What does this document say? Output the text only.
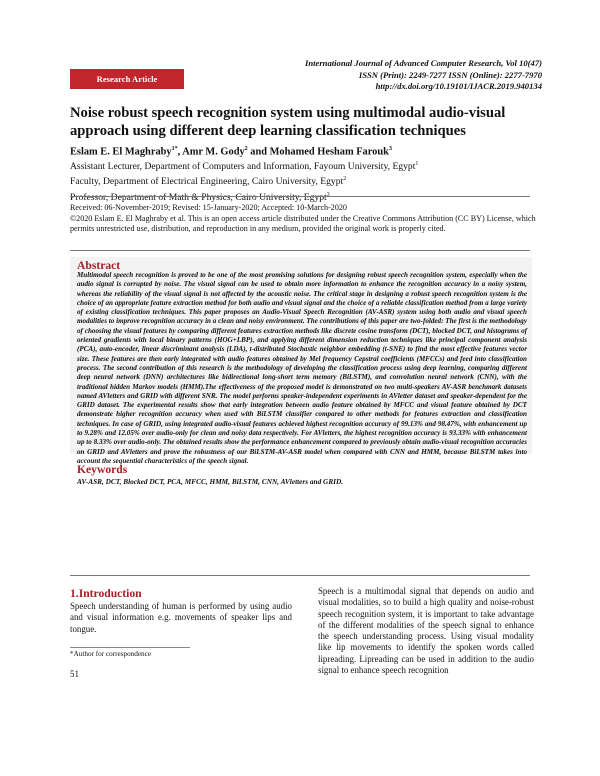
International Journal of Advanced Computer Research, Vol 10(47)
ISSN (Print): 2249-7277 ISSN (Online): 2277-7970
http://dx.doi.org/10.19101/IJACR.2019.940134
Research Article
Noise robust speech recognition system using multimodal audio-visual approach using different deep learning classification techniques
Eslam E. El Maghraby$^{1*}$, Amr M. Gody$^2$ and Mohamed Hesham Farouk$^3$
Assistant Lecturer, Department of Computers and Information, Fayoum University, Egypt$^1$
Faculty, Department of Electrical Engineering, Cairo University, Egypt$^2$
Professor, Department of Math & Physics, Cairo University, Egypt$^3$
Received: 06-November-2019; Revised: 15-January-2020; Accepted: 10-March-2020
©2020 Eslam E. El Maghraby et al. This is an open access article distributed under the Creative Commons Attribution (CC BY) License, which permits unrestricted use, distribution, and reproduction in any medium, provided the original work is properly cited.
Abstract
Multimodal speech recognition is proved to be one of the most promising solutions for designing robust speech recognition system, especially when the audio signal is corrupted by noise. The visual signal can be used to obtain more information to enhance the recognition accuracy in a noisy system, whereas the reliability of the visual signal is not affected by the acoustic noise. The critical stage in designing a robust speech recognition system is the choice of an appropriate feature extraction method for both audio and visual signal and the choice of a reliable classification method from a large variety of existing classification techniques. This paper proposes an Audio-Visual Speech Recognition (AV-ASR) system using both audio and visual speech modalities to improve recognition accuracy in a clean and noisy environment. The contributions of this paper are two-folded: The first is the methodology of choosing the visual features by comparing different features extraction methods like discrete cosine transform (DCT), blocked DCT, and histograms of oriented gradients with local binary patterns (HOG+LBP), and applying different dimension reduction techniques like principal component analysis (PCA), auto-encoder, linear discriminant analysis (LDA), t-distributed Stochastic neighbor embedding (t-SNE) to find the most effective features vector size. These features are then early integrated with audio features obtained by Mel frequency Cepstral coefficients (MFCCs) and feed into classification process. The second contribution of this research is the methodology of developing the classification process using deep learning, comparing different deep neural network (DNN) architectures like bidirectional long-short term memory (BiLSTM), and convolution neural network (CNN), with the traditional hidden Markov models (HMM).The effectiveness of the proposed model is demonstrated on two multi-speakers AV-ASR benchmark datasets named AVletters and GRID with different SNR. The model performs speaker-independent experiments in AVletter dataset and speaker-dependent for the GRID dataset. The experimental results show that early integration between audio feature obtained by MFCC and visual feature obtained by DCT demonstrate higher recognition accuracy when used with BiLSTM classifier compared to other methods for features extraction and classification techniques. In case of GRID, using integrated audio-visual features achieved highest recognition accuracy of 99.13% and 98.47%, with enhancement up to 9.28% and 12.05% over audio-only for clean and noisy data respectively. For AVletters, the highest recognition accuracy is 93.33% with enhancement up to 8.33% over audio-only. The obtained results show the performance enhancement compared to previously obtain audio-visual recognition accuracies on GRID and AVletters and prove the robustness of our BiLSTM-AV-ASR model when compared with CNN and HMM, because BiLSTM takes into account the sequential characteristics of the speech signal.
Keywords
AV-ASR, DCT, Blocked DCT, PCA, MFCC, HMM, BiLSTM, CNN, AVletters and GRID.
1.Introduction
Speech understanding of human is performed by using audio and visual information e.g. movements of speaker lips and tongue.
Speech is a multimodal signal that depends on audio and visual modalities, so to build a high quality and noise-robust speech recognition system, it is important to take advantage of the different modalities of the speech signal to enhance the speech understanding process. Using visual modality like lip movements to identify the spoken words called lipreading. Lipreading can be used in addition to the audio signal to enhance speech recognition
*Author for correspondence
51
